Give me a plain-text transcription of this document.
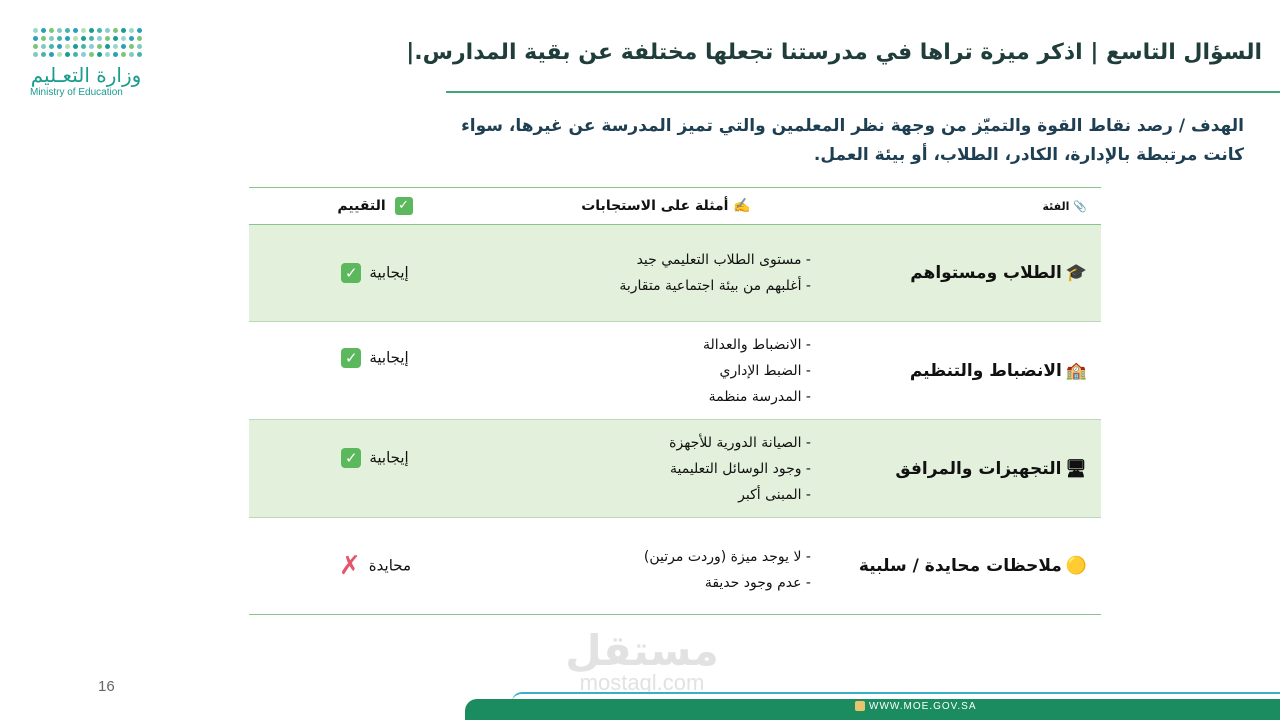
وزارة التعـليم
Ministry of Education
السؤال التاسع | اذكر ميزة تراها في مدرستنا تجعلها مختلفة عن بقية المدارس.|
الهدف / رصد نقاط القوة والتميّز من وجهة نظر المعلمين والتي تميز المدرسة عن غيرها، سواء كانت مرتبطة بالإدارة، الكادر، الطلاب، أو بيئة العمل.
📎 الفئة	✍️ أمثلة على الاستجابات	✓ التقييم
🎓الطلاب ومستواهم	- مستوى الطلاب التعليمي جيد
- أغلبهم من بيئة اجتماعية متقاربة	إيجابية✓
🏫الانضباط والتنظيم	- الانضباط والعدالة
- الضبط الإداري
- المدرسة منظمة	إيجابية✓
🖥التجهيزات والمرافق	- الصيانة الدورية للأجهزة
- وجود الوسائل التعليمية
- المبنى أكبر	إيجابية✓
🟡ملاحظات محايدة / سلبية	- لا يوجد ميزة (وردت مرتين)
- عدم وجود حديقة	محايدة✗
16
مستقل
mostaql.com
WWW.MOE.GOV.SA
